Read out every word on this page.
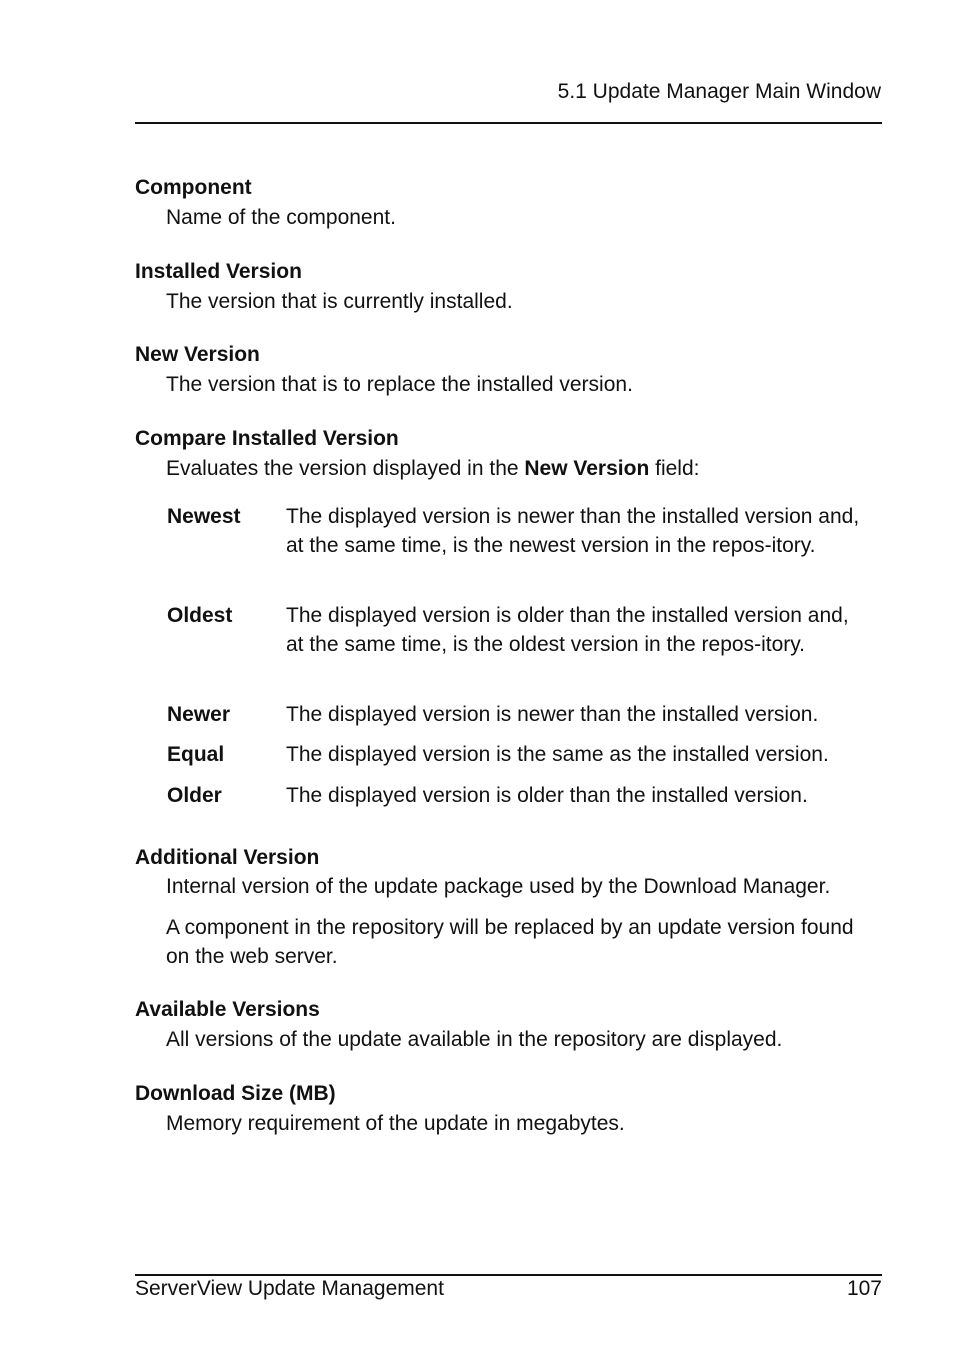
5.1 Update Manager Main Window
Component
Name of the component.
Installed Version
The version that is currently installed.
New Version
The version that is to replace the installed version.
Compare Installed Version
Evaluates the version displayed in the New Version field:
Newest The displayed version is newer than the installed version and, at the same time, is the newest version in the repos-itory.
Oldest	The displayed version is older than the installed version and, at the same time, is the oldest version in the repos-itory.
Newer	The displayed version is newer than the installed version.
Equal	The displayed version is the same as the installed version.
Older	The displayed version is older than the installed version.
Additional Version
Internal version of the update package used by the Download Manager.
A component in the repository will be replaced by an update version found on the web server.
Available Versions
All versions of the update available in the repository are displayed.
Download Size (MB)
Memory requirement of the update in megabytes.
ServerView Update Management	107
